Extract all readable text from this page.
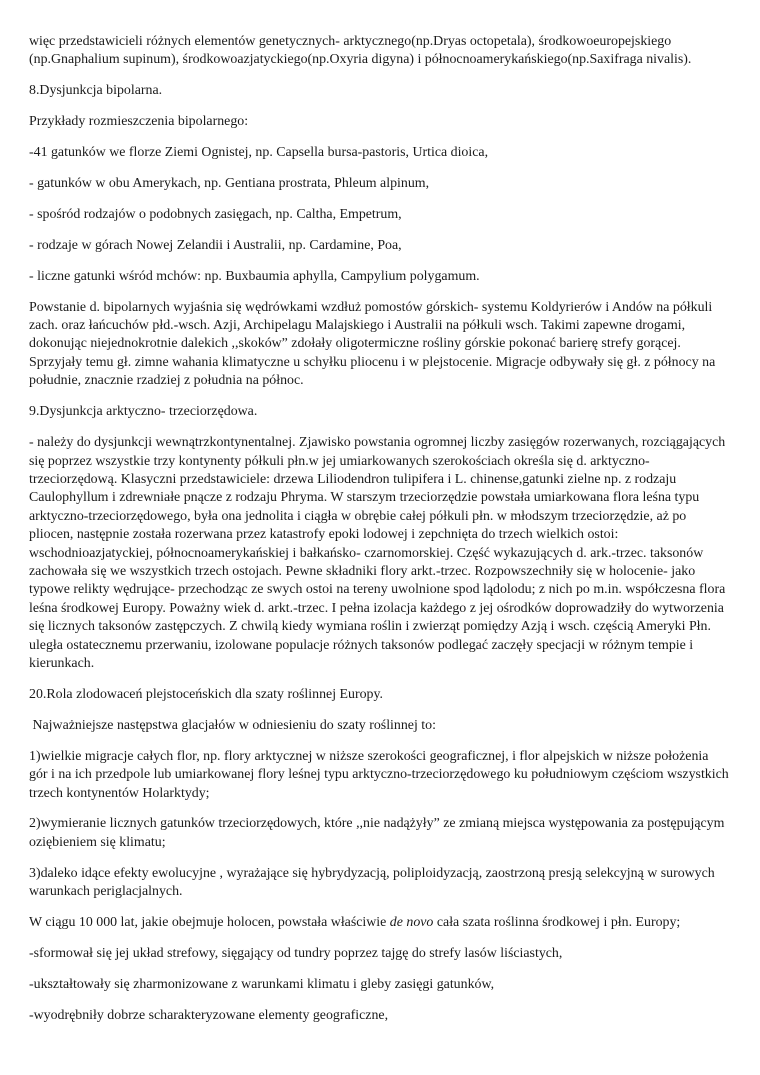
więc przedstawicieli różnych elementów genetycznych- arktycznego(np.Dryas octopetala), środkowoeuropejskiego (np.Gnaphalium supinum), środkowoazjatyckiego(np.Oxyria digyna) i północnoamerykańskiego(np.Saxifraga nivalis).

8.Dysjunkcja bipolarna.

Przykłady rozmieszczenia bipolarnego:

-41 gatunków we florze Ziemi Ognistej, np. Capsella bursa-pastoris, Urtica dioica,

- gatunków w obu Amerykach, np. Gentiana prostrata, Phleum alpinum,

- spośród rodzajów o podobnych zasięgach, np. Caltha, Empetrum,

- rodzaje w górach Nowej Zelandii i Australii, np. Cardamine, Poa,

- liczne gatunki wśród mchów: np. Buxbaumia aphylla, Campylium polygamum.

Powstanie d. bipolarnych wyjaśnia się wędrówkami wzdłuż pomostów górskich- systemu Koldyrierów i Andów na półkuli zach. oraz łańcuchów płd.-wsch. Azji, Archipelagu Malajskiego i Australii na półkuli wsch. Takimi zapewne drogami, dokonując niejednokrotnie dalekich ,,skoków” zdołały oligotermiczne rośliny górskie pokonać barierę strefy gorącej. Sprzyjały temu gł. zimne wahania klimatyczne u schyłku pliocenu i w plejstocenie. Migracje odbywały się gł. z północy na południe, znacznie rzadziej z południa na północ.

9.Dysjunkcja arktyczno- trzeciorzędowa.

- należy do dysjunkcji wewnątrzkontynentalnej. Zjawisko powstania ogromnej liczby zasięgów rozerwanych, rozciągających się poprzez wszystkie trzy kontynenty półkuli płn.w jej umiarkowanych szerokościach określa się d. arktyczno-trzeciorzędową. Klasyczni przedstawiciele: drzewa Liliodendron tulipifera i L. chinense,gatunki zielne np. z rodzaju Caulophyllum i zdrewniałe pnącze z rodzaju Phryma. W starszym trzeciorzędzie powstała umiarkowana flora leśna typu arktyczno-trzeciorzędowego, była ona jednolita i ciągła w obrębie całej półkuli płn. w młodszym trzeciorzędzie, aż po pliocen, następnie została rozerwana przez katastrofy epoki lodowej i zepchnięta do trzech wielkich ostoi: wschodnioazjatyckiej, północnoamerykańskiej i bałkańsko- czarnomorskiej. Część wykazujących d. ark.-trzec. taksonów zachowała się we wszystkich trzech ostojach. Pewne składniki flory arkt.-trzec. Rozpowszechniły się w holocenie- jako typowe relikty wędrujące- przechodząc ze swych ostoi na tereny uwolnione spod lądolodu; z nich po m.in. współczesna flora leśna środkowej Europy. Poważny wiek d. arkt.-trzec. I pełna izolacja każdego z jej ośrodków doprowadziły do wytworzenia się licznych taksonów zastępczych. Z chwilą kiedy wymiana roślin i zwierząt pomiędzy Azją i wsch. częścią Ameryki Płn. uległa ostatecznemu przerwaniu, izolowane populacje różnych taksonów podlegać zaczęły specjacji w różnym tempie i kierunkach.

20.Rola zlodowaceń plejstoceńskich dla szaty roślinnej Europy.

Najważniejsze następstwa glacjałów w odniesieniu do szaty roślinnej to:

1)wielkie migracje całych flor, np. flory arktycznej w niższe szerokości geograficznej, i flor alpejskich w niższe położenia gór i na ich przedpole lub umiarkowanej flory leśnej typu arktyczno-trzeciorzędowego ku południowym częściom wszystkich trzech kontynentów Holarktydy;

2)wymieranie licznych gatunków trzeciorzędowych, które ,,nie nadążyły” ze zmianą miejsca występowania za postępującym oziębieniem się klimatu;

3)daleko idące efekty ewolucyjne , wyrażające się hybrydyzacją, poliploidyzacją, zaostrzoną presją selekcyjną w surowych warunkach periglacjalnych.

W ciągu 10 000 lat, jakie obejmuje holocen, powstała właściwie de novo cała szata roślinna środkowej i płn. Europy;

-sformował się jej układ strefowy, sięgający od tundry poprzez tajgę do strefy lasów liściastych,

-ukształtowały się zharmonizowane z warunkami klimatu i gleby zasięgi gatunków,

-wyodrębniły dobrze scharakteryzowane elementy geograficzne,
